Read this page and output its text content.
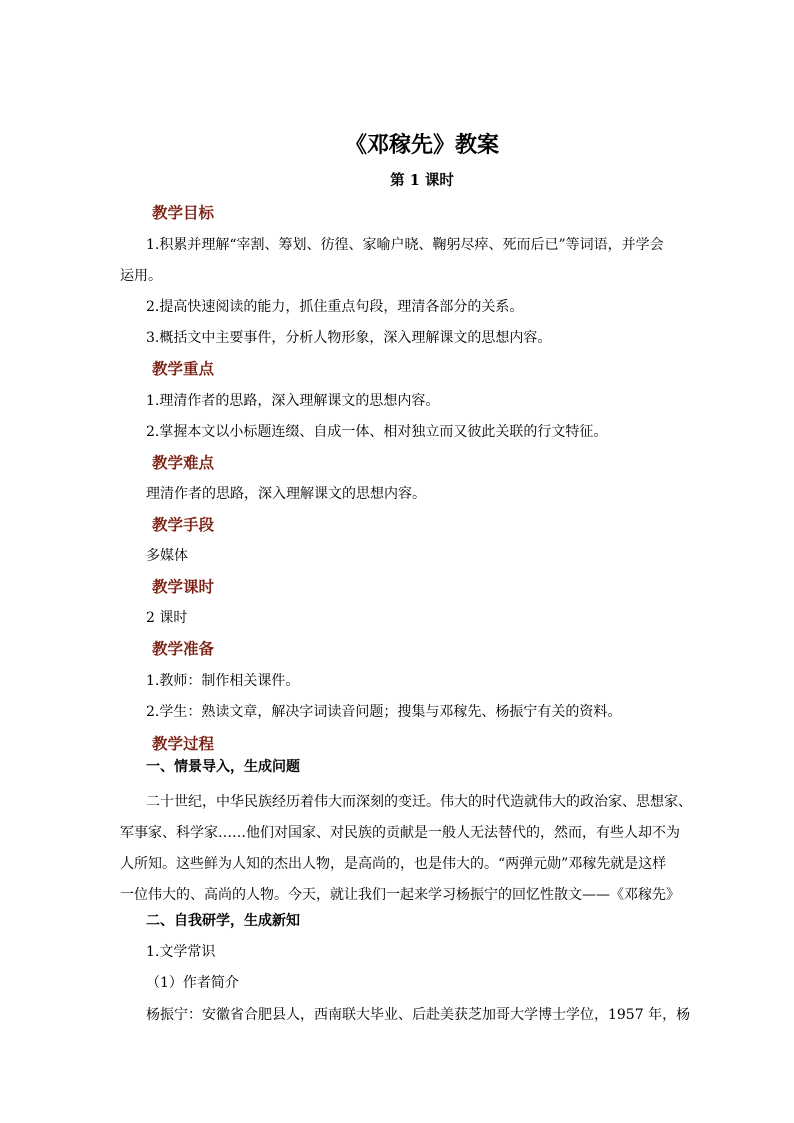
《邓稼先》教案
第 1 课时
教学目标
1.积累并理解“宰割、筹划、彷徨、家喻户晓、鞠躬尽瘁、死而后已”等词语，并学会
运用。
2.提高快速阅读的能力，抓住重点句段，理清各部分的关系。
3.概括文中主要事件，分析人物形象，深入理解课文的思想内容。
教学重点
1.理清作者的思路，深入理解课文的思想内容。
2.掌握本文以小标题连缀、自成一体、相对独立而又彼此关联的行文特征。
教学难点
理清作者的思路，深入理解课文的思想内容。
教学手段
多媒体
教学课时
2 课时
教学准备
1.教师：制作相关课件。
2.学生：熟读文章，解决字词读音问题；搜集与邓稼先、杨振宁有关的资料。
教学过程
一、情景导入，生成问题
二十世纪，中华民族经历着伟大而深刻的变迁。伟大的时代造就伟大的政治家、思想家、
军事家、科学家……他们对国家、对民族的贡献是一般人无法替代的，然而，有些人却不为
人所知。这些鲜为人知的杰出人物，是高尚的，也是伟大的。“两弹元勋”邓稼先就是这样
一位伟大的、高尚的人物。今天，就让我们一起来学习杨振宁的回忆性散文——《邓稼先》
二、自我研学，生成新知
1.文学常识
（1）作者简介
杨振宁：安徽省合肥县人，西南联大毕业、后赴美获芝加哥大学博士学位，1957 年，杨
